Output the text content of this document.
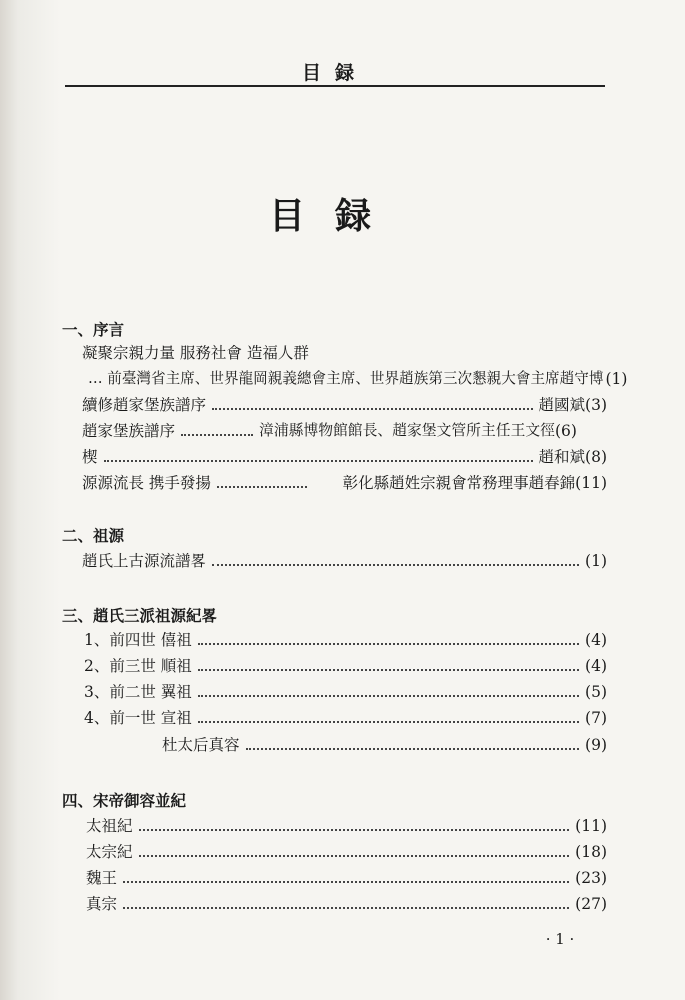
目録
目録
一、序言
凝聚宗親力量 服務社會 造福人群
… 前臺灣省主席、世界龍岡親義總會主席、世界趙族第三次懇親大會主席趙守博 (1)
續修趙家堡族譜序	趙國斌 (3)
趙家堡族譜序	漳浦縣博物館館長、趙家堡文管所主任王文徑 (6)
楔	趙和斌 (8)
源源流長 携手發揚	彰化縣趙姓宗親會常務理事趙春錦 (11)
二、祖源
趙氏上古源流譜畧	(1)
三、趙氏三派祖源紀畧
1、前四世 僖祖	(4)
2、前三世 順祖	(4)
3、前二世 翼祖	(5)
4、前一世 宣祖	(7)
杜太后真容	(9)
四、宋帝御容並紀
太祖紀	(11)
太宗紀	(18)
魏王	(23)
真宗	(27)
· 1 ·
